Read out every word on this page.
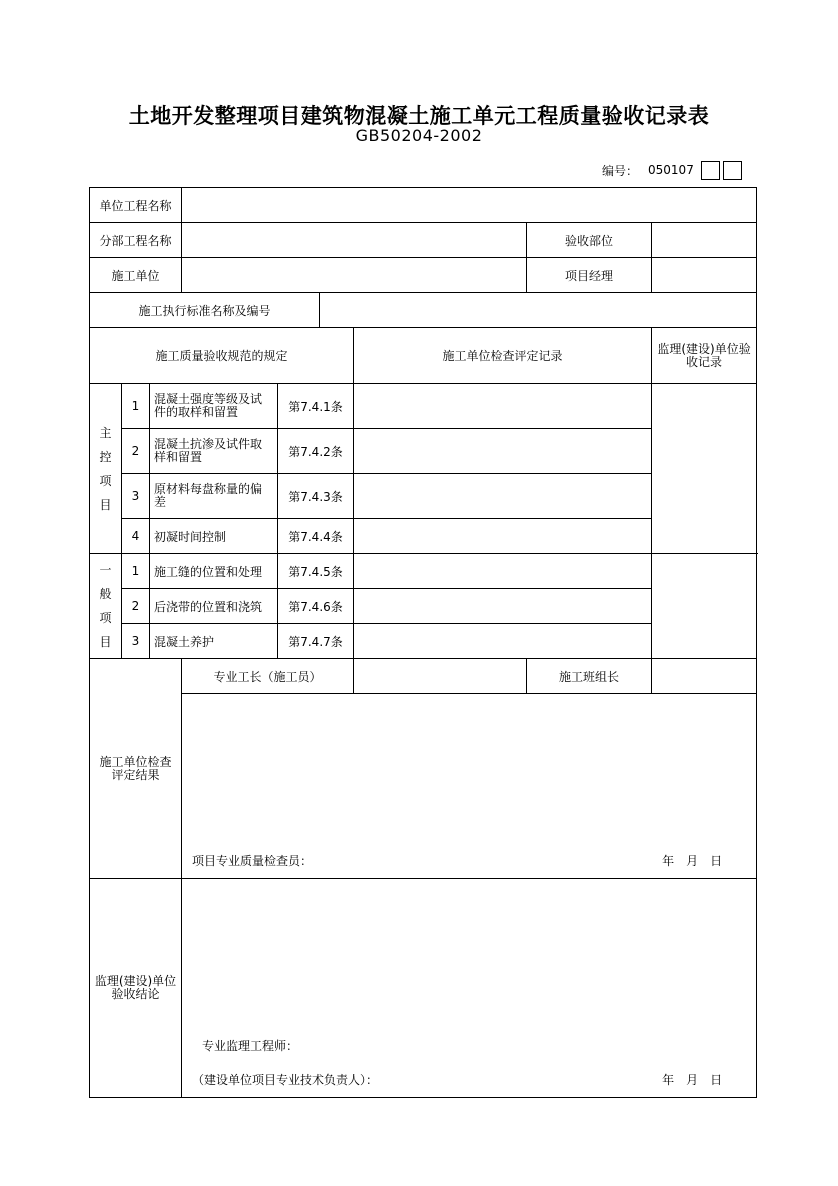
土地开发整理项目建筑物混凝土施工单元工程质量验收记录表
GB50204-2002
编号： 050107
单位工程名称								
分部工程名称							验收部位	
施工单位							项目经理	
施工执行标准名称及编号								
施工质量验收规范的规定						施工单位检查评定记录		监理(建设)单位验收记录

主
控
项
目	1	混凝土强度等级及试件的取样和留置		第7.4.1条				
	2	混凝土抗渗及试件取样和留置		第7.4.2条				
	3	原材料每盘称量的偏差		第7.4.3条				
	4	初凝时间控制		第7.4.4条				

一
般
项
目	1	施工缝的位置和处理		第7.4.5条				
	2	后浇带的位置和浇筑		第7.4.6条				
	3	混凝土养护		第7.4.7条				
施工单位检查评定结果			专业工长（施工员）				施工班组长	

			项目专业质量检查员： 年　月　日					

监理(建设)单位验收结论								
			专业监理工程师：					

			（建设单位项目专业技术负责人）： 年　月　日					
